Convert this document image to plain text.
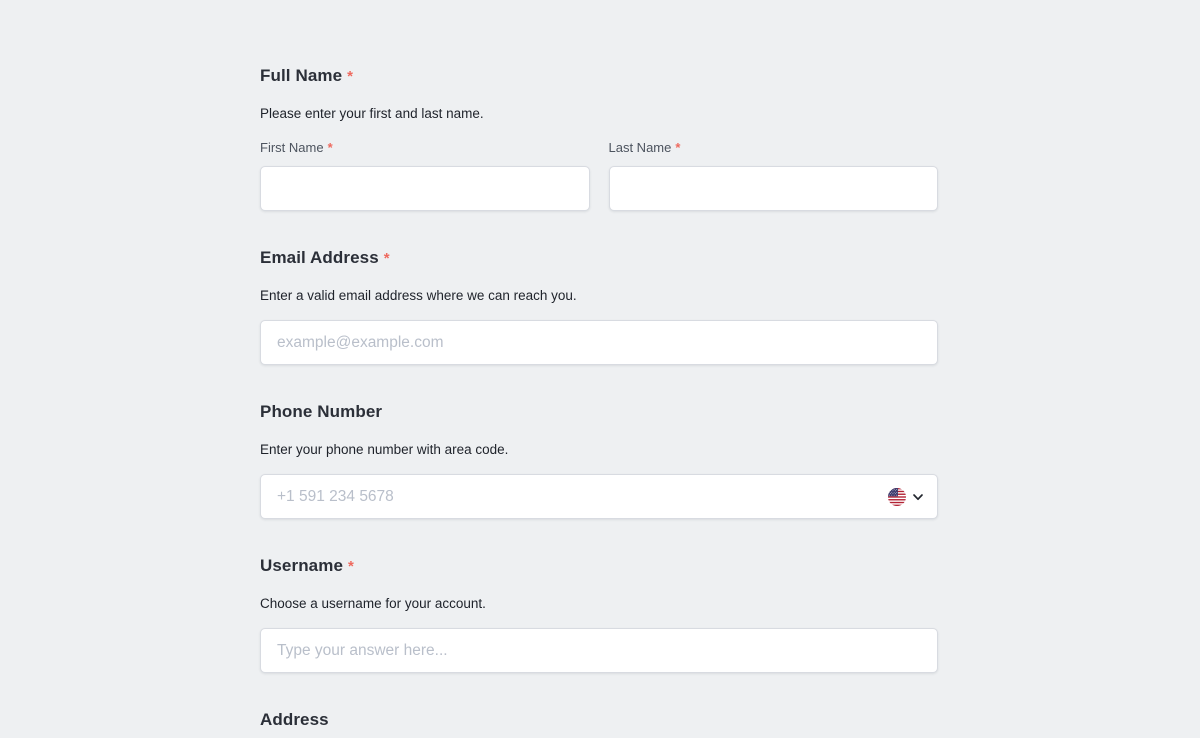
Full Name *
Please enter your first and last name.
First Name *	Last Name *
Email Address *
Enter a valid email address where we can reach you.
example@example.com
Phone Number
Enter your phone number with area code.
+1 591 234 5678
Username *
Choose a username for your account.
Type your answer here...
Address
